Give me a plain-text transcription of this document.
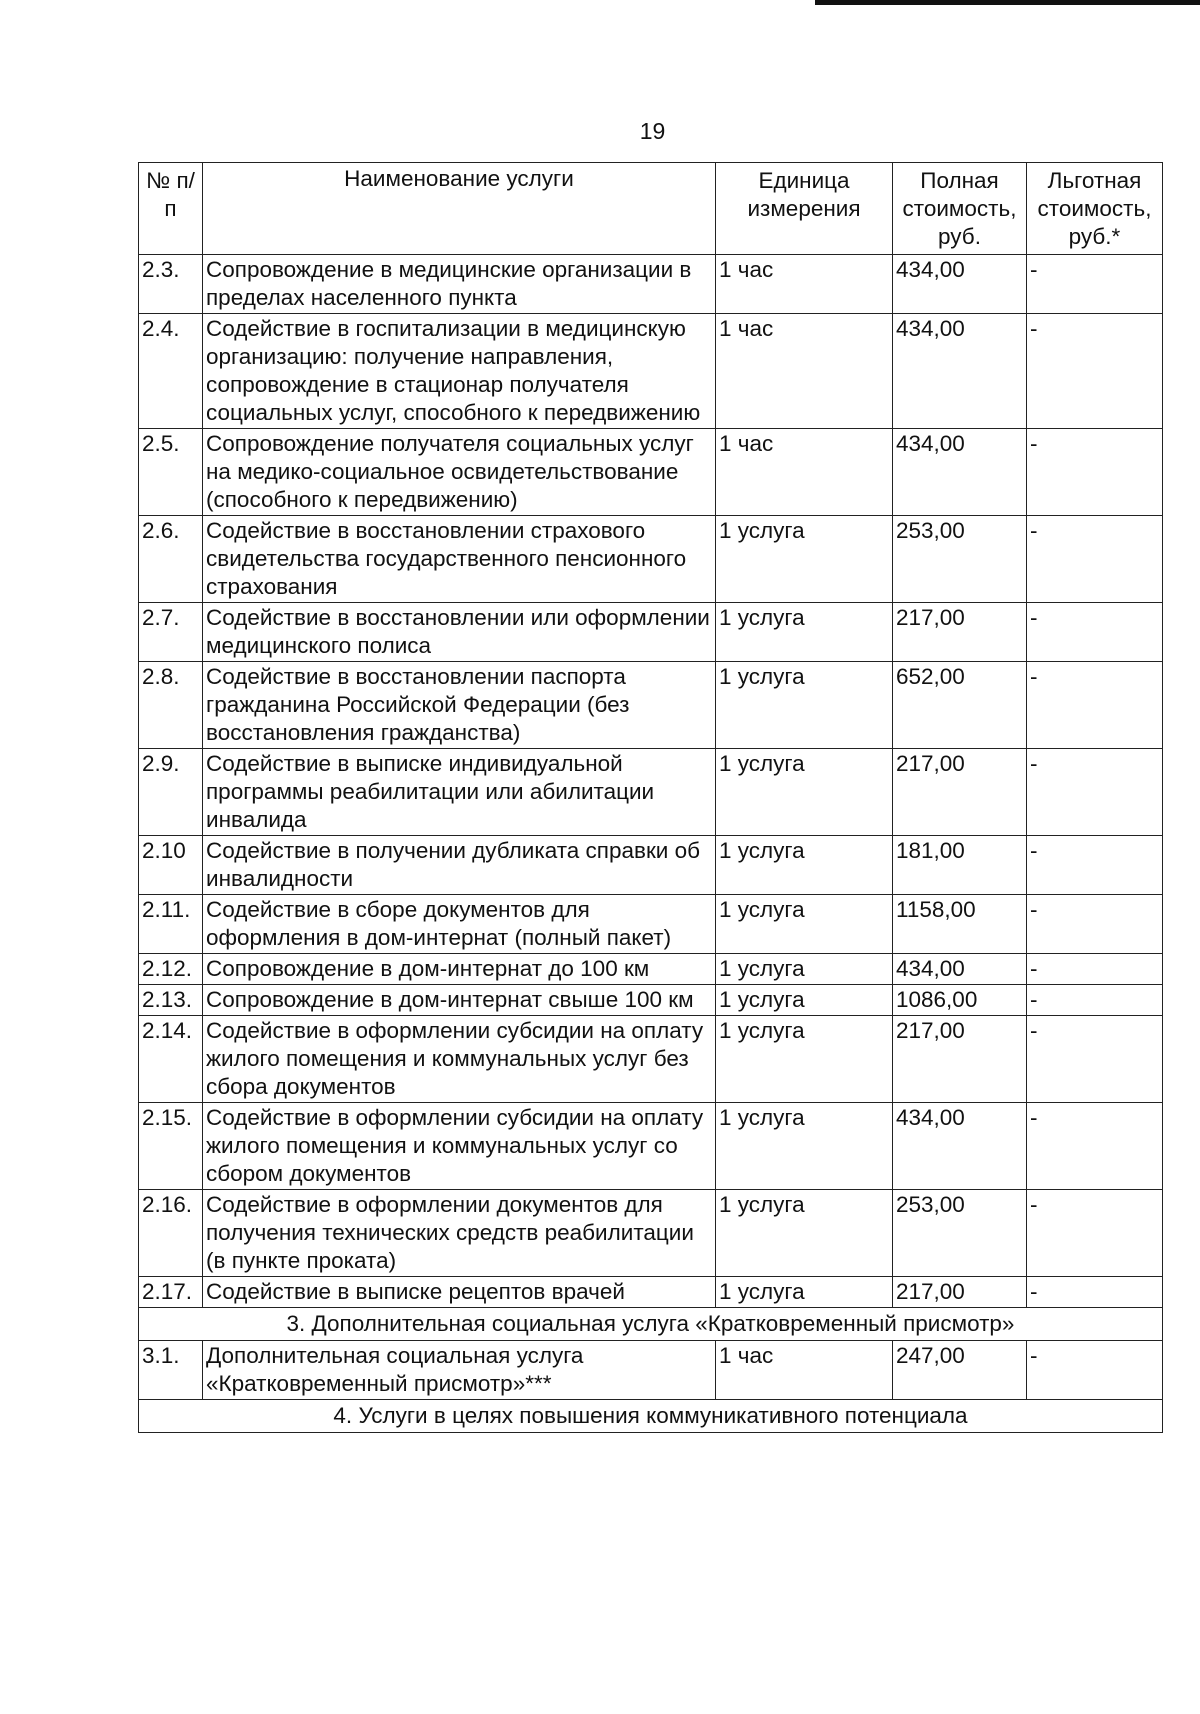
19
№ п/п	Наименование услуги	Единица измерения	Полная стоимость, руб.	Льготная стоимость, руб.*
2.3.	Сопровождение в медицинские организации в пределах населенного пункта	1 час	434,00	-
2.4.	Содействие в госпитализации в медицинскую организацию: получение направления, сопровождение в стационар получателя социальных услуг, способного к передвижению	1 час	434,00	-
2.5.	Сопровождение получателя социальных услуг на медико-социальное освидетельствование (способного к передвижению)	1 час	434,00	-
2.6.	Содействие в восстановлении страхового свидетельства государственного пенсионного страхования	1 услуга	253,00	-
2.7.	Содействие в восстановлении или оформлении медицинского полиса	1 услуга	217,00	-
2.8.	Содействие в восстановлении паспорта гражданина Российской Федерации (без восстановления гражданства)	1 услуга	652,00	-
2.9.	Содействие в выписке индивидуальной программы реабилитации или абилитации инвалида	1 услуга	217,00	-
2.10	Содействие в получении дубликата справки об инвалидности	1 услуга	181,00	-
2.11.	Содействие в сборе документов для оформления в дом-интернат (полный пакет)	1 услуга	1158,00	-
2.12.	Сопровождение в дом-интернат до 100 км	1 услуга	434,00	-
2.13.	Сопровождение в дом-интернат свыше 100 км	1 услуга	1086,00	-
2.14.	Содействие в оформлении субсидии на оплату жилого помещения и коммунальных услуг без сбора документов	1 услуга	217,00	-
2.15.	Содействие в оформлении субсидии на оплату жилого помещения и коммунальных услуг со сбором документов	1 услуга	434,00	-
2.16.	Содействие в оформлении документов для получения технических средств реабилитации (в пункте проката)	1 услуга	253,00	-
2.17.	Содействие в выписке рецептов врачей	1 услуга	217,00	-
3. Дополнительная социальная услуга «Кратковременный присмотр»				
3.1.	Дополнительная социальная услуга «Кратковременный присмотр»***	1 час	247,00	-
4. Услуги в целях повышения коммуникативного потенциала				
